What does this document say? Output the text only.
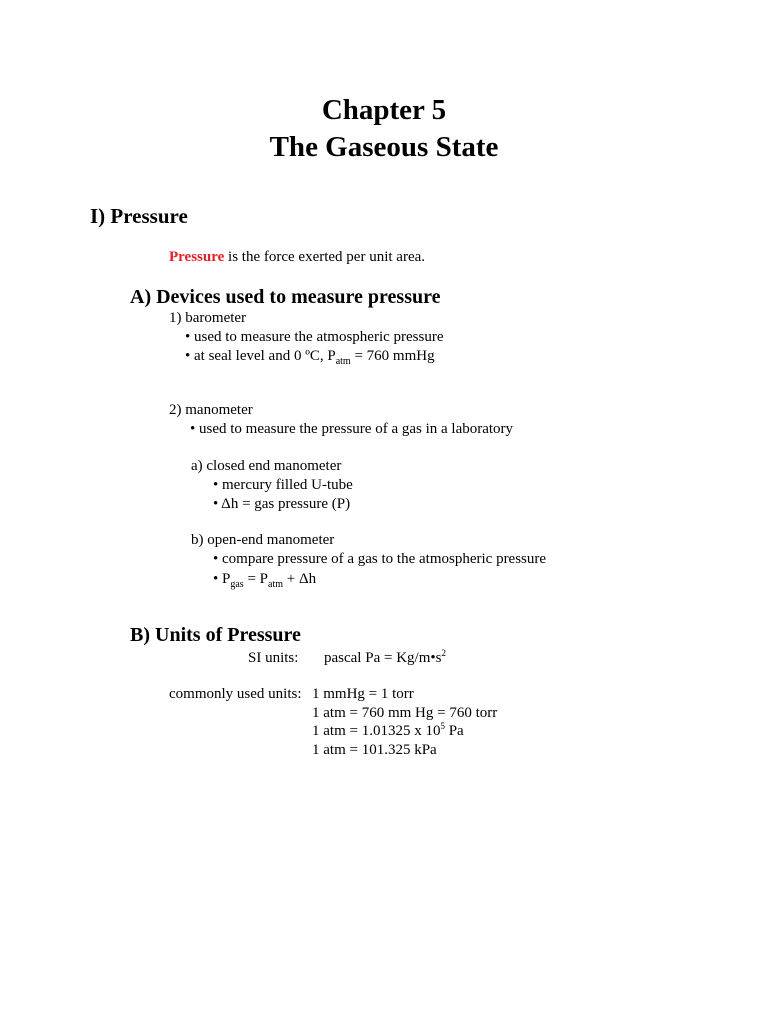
Chapter 5
The Gaseous State
I) Pressure
Pressure is the force exerted per unit area.
A) Devices used to measure pressure
1) barometer
• used to measure the atmospheric pressure
• at seal level and 0 ºC, $P_{atm} = 760$ mmHg
2) manometer
• used to measure the pressure of a gas in a laboratory
a) closed end manometer
• mercury filled U-tube
• Δh = gas pressure (P)
b) open-end manometer
• compare pressure of a gas to the atmospheric pressure
• $P_{gas} = P_{atm} + \Delta h$
B) Units of Pressure
SI units: pascal $Pa = Kg/m•s^2$
commonly used units: 1 mmHg = 1 torr
1 atm = 760 mm Hg = 760 torr
1 atm = 1.01325 x $10^5$ Pa
1 atm = 101.325 kPa
